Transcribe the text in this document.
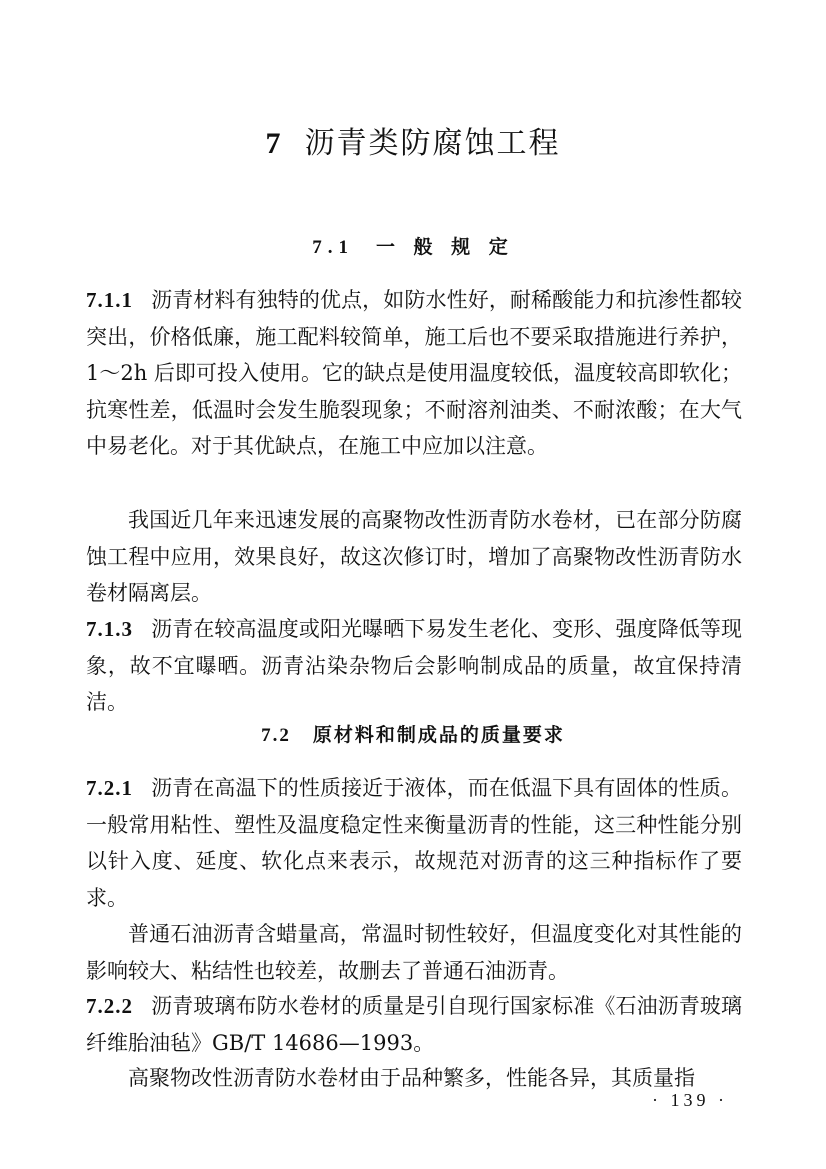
7 沥青类防腐蚀工程
7.1 一 般 规 定

7.1.1 沥青材料有独特的优点，如防水性好，耐稀酸能力和抗渗性都较突出，价格低廉，施工配料较简单，施工后也不要采取措施进行养护，1～2h 后即可投入使用。它的缺点是使用温度较低，温度较高即软化；抗寒性差，低温时会发生脆裂现象；不耐溶剂油类、不耐浓酸；在大气中易老化。对于其优缺点，在施工中应加以注意。

我国近几年来迅速发展的高聚物改性沥青防水卷材，已在部分防腐蚀工程中应用，效果良好，故这次修订时，增加了高聚物改性沥青防水卷材隔离层。

7.1.3 沥青在较高温度或阳光曝晒下易发生老化、变形、强度降低等现象，故不宜曝晒。沥青沾染杂物后会影响制成品的质量，故宜保持清洁。

7.2 原材料和制成品的质量要求

7.2.1 沥青在高温下的性质接近于液体，而在低温下具有固体的性质。一般常用粘性、塑性及温度稳定性来衡量沥青的性能，这三种性能分别以针入度、延度、软化点来表示，故规范对沥青的这三种指标作了要求。

普通石油沥青含蜡量高，常温时韧性较好，但温度变化对其性能的影响较大、粘结性也较差，故删去了普通石油沥青。

7.2.2 沥青玻璃布防水卷材的质量是引自现行国家标准《石油沥青玻璃纤维胎油毡》GB/T 14686—1993。

高聚物改性沥青防水卷材由于品种繁多，性能各异，其质量指

· 139 ·
